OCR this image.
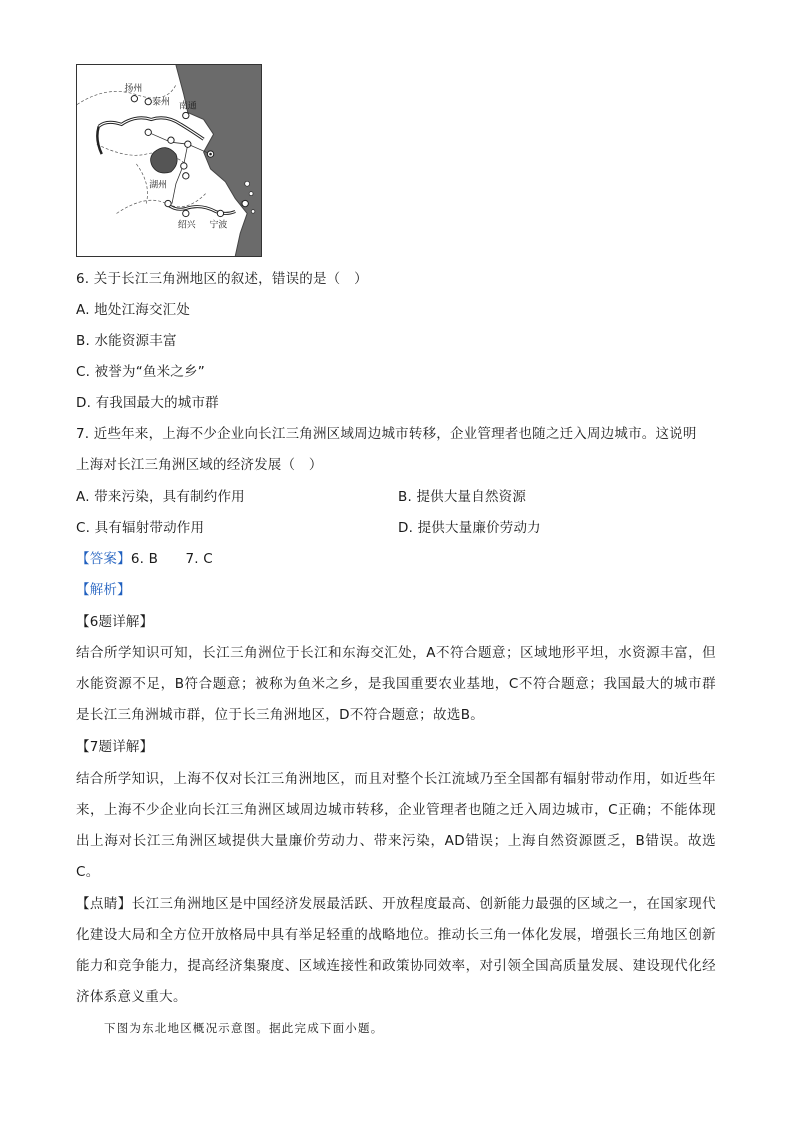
扬州
泰州 南通
湖州
绍兴 宁波
6. 关于长江三角洲地区的叙述，错误的是（　）
A. 地处江海交汇处
B. 水能资源丰富
C. 被誉为“鱼米之乡”
D. 有我国最大的城市群
7. 近些年来，上海不少企业向长江三角洲区域周边城市转移，企业管理者也随之迁入周边城市。这说明
上海对长江三角洲区域的经济发展（　）
A. 带来污染，具有制约作用	B. 提供大量自然资源
C. 具有辐射带动作用	D. 提供大量廉价劳动力
【答案】6. B　　7. C
【解析】
【6题详解】
结合所学知识可知，长江三角洲位于长江和东海交汇处，A不符合题意；区域地形平坦，水资源丰富，但水能资源不足，B符合题意；被称为鱼米之乡，是我国重要农业基地，C不符合题意；我国最大的城市群是长江三角洲城市群，位于长三角洲地区，D不符合题意；故选B。
【7题详解】
结合所学知识，上海不仅对长江三角洲地区，而且对整个长江流域乃至全国都有辐射带动作用，如近些年来，上海不少企业向长江三角洲区域周边城市转移，企业管理者也随之迁入周边城市，C正确；不能体现出上海对长江三角洲区域提供大量廉价劳动力、带来污染，AD错误；上海自然资源匮乏，B错误。故选C。
【点睛】长江三角洲地区是中国经济发展最活跃、开放程度最高、创新能力最强的区域之一，在国家现代化建设大局和全方位开放格局中具有举足轻重的战略地位。推动长三角一体化发展，增强长三角地区创新能力和竞争能力，提高经济集聚度、区域连接性和政策协同效率，对引领全国高质量发展、建设现代化经济体系意义重大。
下图为东北地区概况示意图。据此完成下面小题。
